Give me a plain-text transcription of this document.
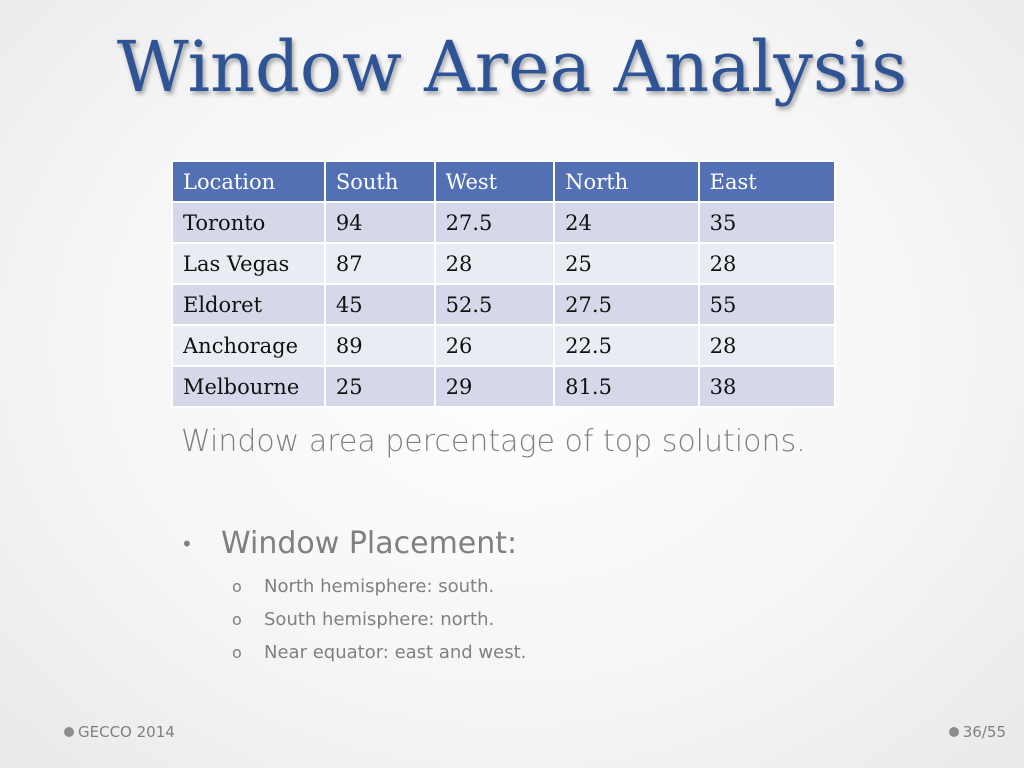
Window Area Analysis
Location	South	West	North	East
Toronto	94	27.5	24	35
Las Vegas	87	28	25	28
Eldoret	45	52.5	27.5	55
Anchorage	89	26	22.5	28
Melbourne	25	29	81.5	38
Window area percentage of top solutions.
• Window Placement:
o	North hemisphere: south.
o	South hemisphere: north.
o	Near equator: east and west.
GECCO 2014	36/55
